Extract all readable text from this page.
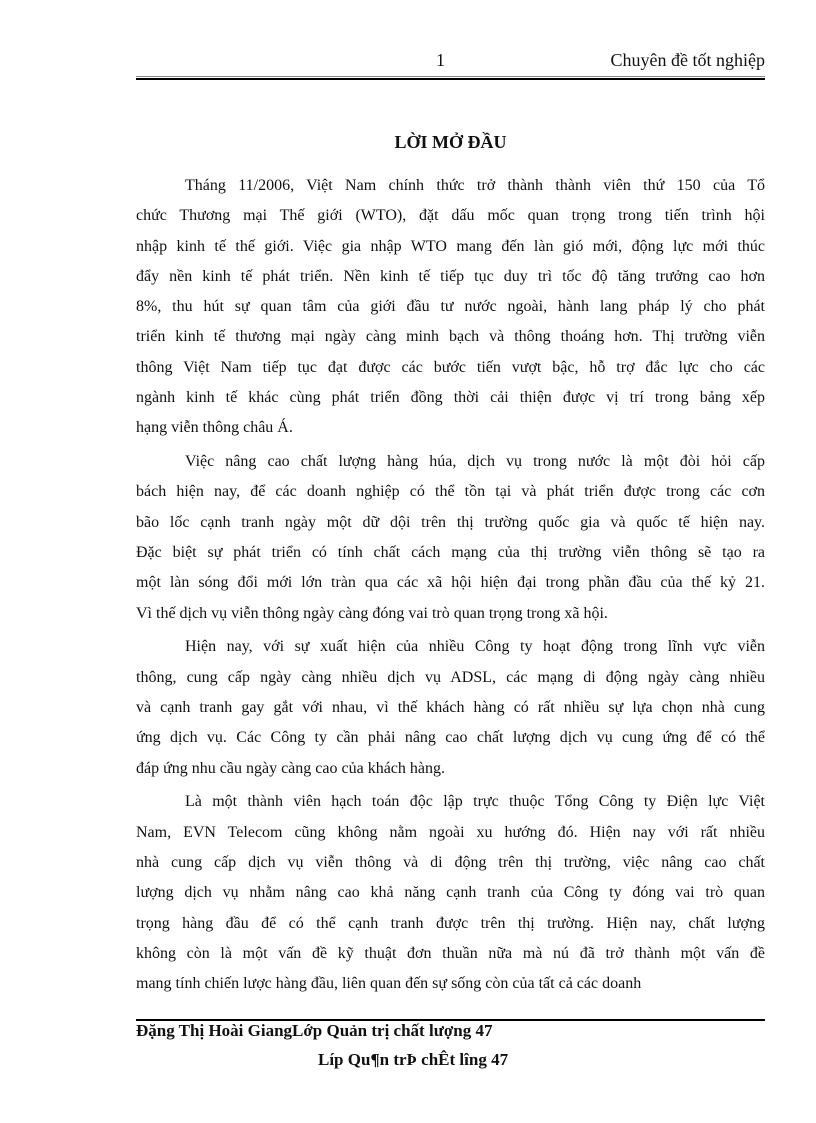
1	Chuyên đề tốt nghiệp
LỜI MỞ ĐẦU
Tháng 11/2006, Việt Nam chính thức trở thành thành viên thứ 150 của Tổ
chức Thương mại Thế giới (WTO), đặt dấu mốc quan trọng trong tiến trình hội
nhập kinh tế thế giới. Việc gia nhập WTO mang đến làn gió mới, động lực mới thúc
đẩy nền kinh tế phát triển. Nền kinh tế tiếp tục duy trì tốc độ tăng trưởng cao hơn
8%, thu hút sự quan tâm của giới đầu tư nước ngoài, hành lang pháp lý cho phát
triển kinh tế thương mại ngày càng minh bạch và thông thoáng hơn. Thị trường viễn
thông Việt Nam tiếp tục đạt được các bước tiến vượt bậc, hỗ trợ đắc lực cho các
ngành kinh tế khác cùng phát triển đồng thời cải thiện được vị trí trong bảng xếp
hạng viễn thông châu Á.
Việc nâng cao chất lượng hàng húa, dịch vụ trong nước là một đòi hỏi cấp
bách hiện nay, để các doanh nghiệp có thể tồn tại và phát triển được trong các cơn
bão lốc cạnh tranh ngày một dữ dội trên thị trường quốc gia và quốc tế hiện nay.
Đặc biệt sự phát triển có tính chất cách mạng của thị trường viễn thông sẽ tạo ra
một làn sóng đổi mới lớn tràn qua các xã hội hiện đại trong phần đầu của thế kỷ 21.
Vì thế dịch vụ viễn thông ngày càng đóng vai trò quan trọng trong xã hội.
Hiện nay, với sự xuất hiện của nhiều Công ty hoạt động trong lĩnh vực viễn
thông, cung cấp ngày càng nhiều dịch vụ ADSL, các mạng di động ngày càng nhiều
và cạnh tranh gay gắt với nhau, vì thế khách hàng có rất nhiều sự lựa chọn nhà cung
ứng dịch vụ. Các Công ty cần phải nâng cao chất lượng dịch vụ cung ứng để có thể
đáp ứng nhu cầu ngày càng cao của khách hàng.
Là một thành viên hạch toán độc lập trực thuộc Tổng Công ty Điện lực Việt
Nam, EVN Telecom cũng không nằm ngoài xu hướng đó. Hiện nay với rất nhiều
nhà cung cấp dịch vụ viễn thông và di động trên thị trường, việc nâng cao chất
lượng dịch vụ nhằm nâng cao khả năng cạnh tranh của Công ty đóng vai trò quan
trọng hàng đầu để có thể cạnh tranh được trên thị trường. Hiện nay, chất lượng
không còn là một vấn đề kỹ thuật đơn thuần nữa mà nú đã trở thành một vấn đề
mang tính chiến lược hàng đầu, liên quan đến sự sống còn của tất cả các doanh
Đặng Thị Hoài GiangLớp Quản trị chất lượng 47
Líp Qu¶n trÞ chÊt lîng 47
